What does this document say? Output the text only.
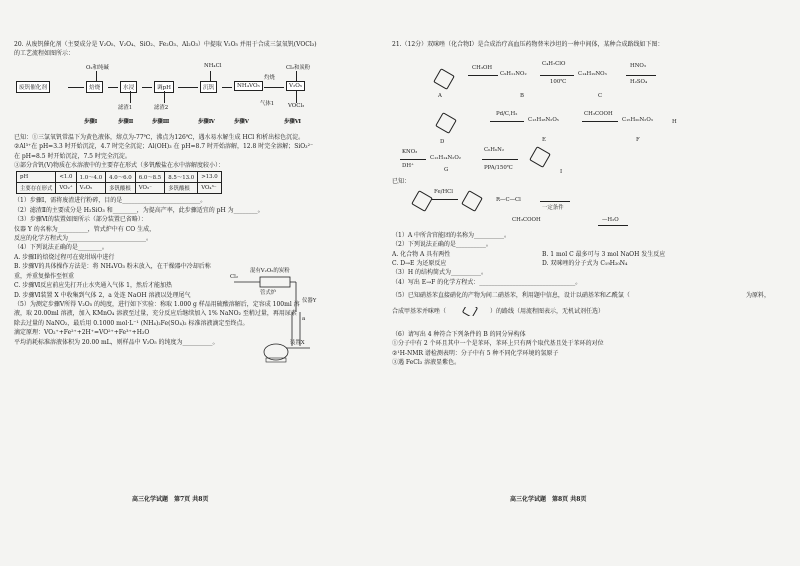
20. 从废钒催化剂（主要成分是 V₂O₅、V₂O₄、SiO₂、Fe₂O₃、Al₂O₃）中提取 V₂O₅ 并用于合成三氯氧钒(VOCl₃)

的工艺流程如图所示：

O₂和纯碱	NH₄Cl	Cl₂和炭粉
废钒催化剂	焙烧	水浸	调pH	沉钒	NH₄VO₃
灼烧
V₂O₅
滤渣1	滤渣2
气体1	VOCl₃
步骤Ⅰ	步骤Ⅱ	步骤Ⅲ	步骤Ⅳ	步骤Ⅴ	步骤Ⅵ

已知：①三氯氧钒常温下为黄色液体，熔点为-77℃，沸点为126℃，遇水易水解生成 HCl 和析出棕色沉淀。

②Al³⁺在 pH=3.3 时开始沉淀，4.7 时完全沉淀；Al(OH)₃ 在 pH=8.7 时开始溶解，12.8 时完全溶解；SiO₃²⁻

在 pH=8.5 时开始沉淀，7.5 时完全沉淀。

③部分含钒(V)物质在水溶液中的主要存在形式（多钒酸盐在水中溶解度较小）：

pH	<1.0	1.0～4.0	4.0～6.0	6.0～8.5	8.5～13.0	>13.0
主要存在形式	VO₂⁺	V₂O₅	多钒酸根	VO₃⁻	多钒酸根	VO₄³⁻

（1）步骤Ⅰ，需将废渣进行粉碎，目的是__________________________。

（2）滤渣Ⅱ的主要成分是 H₂SiO₃ 和________，为提高产率，此步骤适宜的 pH 为________。

（3）步骤Ⅵ的装置如图所示（部分装置已省略）：

仪器 Y 的名称为__________，管式炉中有 CO 生成，

反应的化学方程式为__________________________。

（4）下列说法正确的是________。

A. 步骤Ⅰ的焙烧过程可在瓷坩埚中进行

B. 步骤Ⅴ的具体操作方法是：将 NH₄VO₃ 粉末放入，在干燥器中冷却后称

重，并重复操作至恒重

C. 步骤Ⅵ反应前应先打开止水夹通入气体 1，然后才能加热

D. 步骤Ⅵ装置 X 中收集到气体 2，a 处连 NaOH 溶液以处理尾气

（5）为测定步骤Ⅴ所得 V₂O₅ 的纯度，进行如下实验：称取 1.000 g 样品用硫酸溶解后，定容成 100ml 溶

液，取 20.00ml 溶液，加入 KMnO₄ 溶液至过量，充分反应后继续加入 1% NaNO₂ 至稍过量，再用尿素

除去过量的 NaNO₂，最后用 0.1000 mol·L⁻¹ (NH₄)₂Fe(SO₄)₂ 标准溶液滴定至终点。

滴定原理：VO₂⁺+Fe²⁺+2H⁺=VO²⁺+Fe³⁺+H₂O

平均消耗标准溶液体积为 20.00 mL，则样品中 V₂O₅ 的纯度为__________。

Cl₂
混有V₂O₅的炭粉
管式炉
仪器Y
a
装置X
高三化学试题　第7页 共8页

21.（12分）双咪唑（化合物Ⅰ）是合成治疗高血压药物替米沙坦的一种中间体，某种合成路线如下图：

A
CH₃OH
C₉H₁₁NO₂
B
C₄H₇ClO
100℃
C₁₄H₁₉NO₃
C
HNO₃
H₂SO₄
D
Pd/C,H₂
C₁₃H₁₈N₂O₅
E
CH₃COOH
C₁₅H₂₀N₂O₃
F
KNO₃
DH⁺
C₁₂H₁₄N₂O₂
G
C₆H₆N₂
PPA/150℃
I
H

已知：

Fe/HCl
R—C—Cl
一定条件
CH₃COOH	—H₂O

（1）A 中所含官能团的名称为__________。

（2）下列说法正确的是__________。

A. 化合物 A 具有两性	B. 1 mol C 最多可与 3 mol NaOH 发生反应

C. D→E 为还原反应	D. 双咪唑的分子式为 C₁₉H₂₀N₄

（3）H 的结构简式为__________。

（4）写出 E→F 的化学方程式：________________________________。

（5）已知硝基苯直接硝化的产物为间二硝基苯，利用题中信息，设计以硝基苯和乙酰氯（	为原料，

合成甲基苯并咪唑（	）的路线（用流程图表示，无机试剂任选）

（6）请写出 4 种符合下列条件的 B 的同分异构体

①分子中有 2 个环且其中一个是苯环，苯环上只有两个取代基且处于苯环的对位

②¹H-NMR 谱检测表明：分子中有 5 种不同化学环境的氢原子

③遇 FeCl₃ 溶液显紫色。

高三化学试题　第8页 共8页
